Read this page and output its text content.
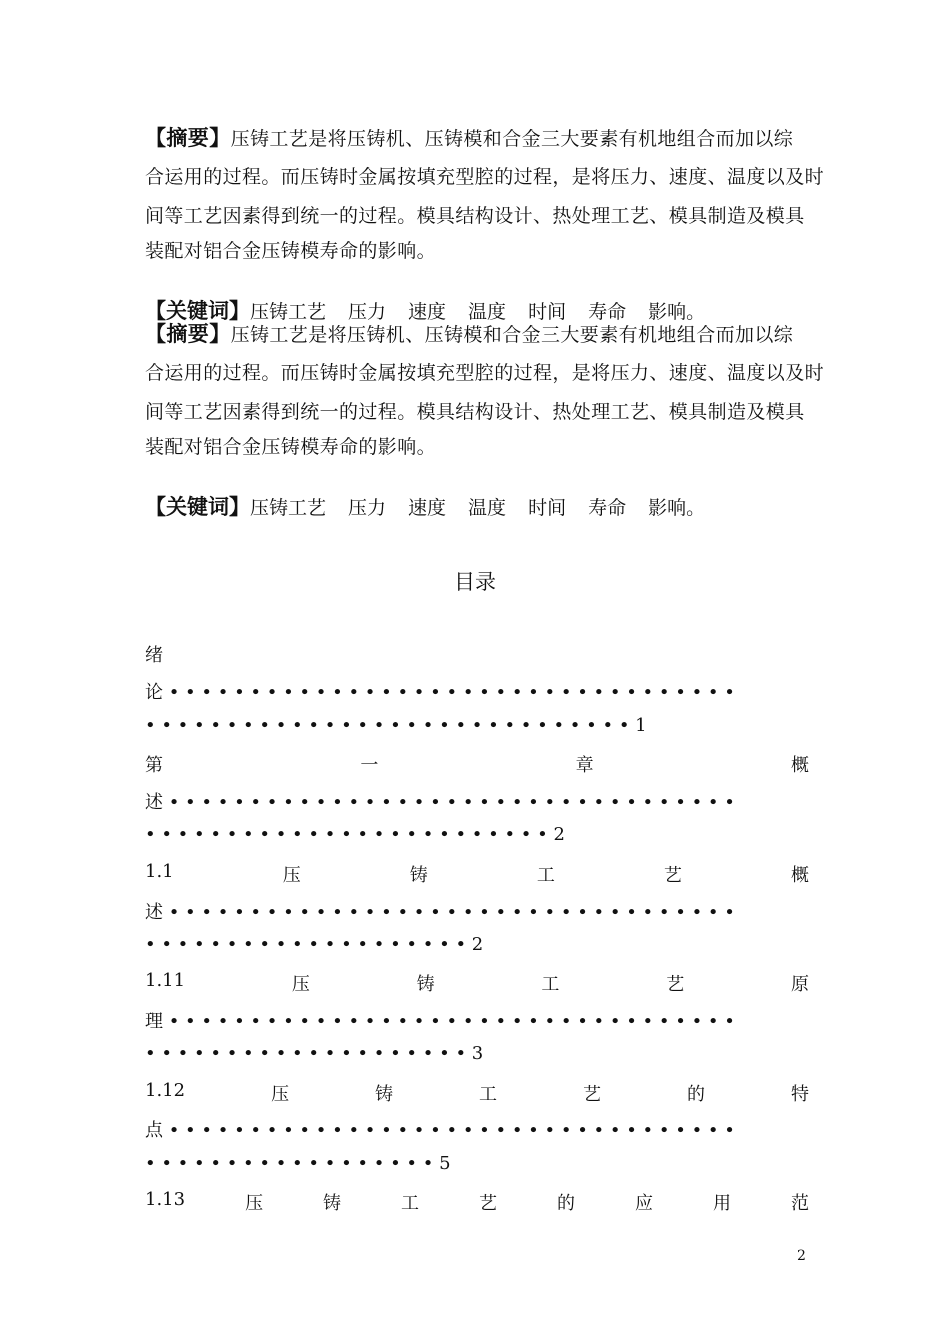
【摘要】压铸工艺是将压铸机、压铸模和合金三大要素有机地组合而加以综
合运用的过程。而压铸时金属按填充型腔的过程，是将压力、速度、温度以及时
间等工艺因素得到统一的过程。模具结构设计、热处理工艺、模具制造及模具
装配对铝合金压铸模寿命的影响。
【关键词】压铸工艺 压力 速度 温度 时间 寿命 影响。
【摘要】压铸工艺是将压铸机、压铸模和合金三大要素有机地组合而加以综
合运用的过程。而压铸时金属按填充型腔的过程，是将压力、速度、温度以及时
间等工艺因素得到统一的过程。模具结构设计、热处理工艺、模具制造及模具
装配对铝合金压铸模寿命的影响。
【关键词】压铸工艺 压力 速度 温度 时间 寿命 影响。
目录
绪
论 • • • • • • • • • • • • • • • • • • • • • • • • • • • • • • • • • • •
• • • • • • • • • • • • • • • • • • • • • • • • • • • • • • 1
第	一	章	概
述 • • • • • • • • • • • • • • • • • • • • • • • • • • • • • • • • • • •
• • • • • • • • • • • • • • • • • • • • • • • • • 2
1.1	压	铸	工	艺	概
述 • • • • • • • • • • • • • • • • • • • • • • • • • • • • • • • • • • •
• • • • • • • • • • • • • • • • • • • • 2
1.11	压	铸	工	艺	原
理 • • • • • • • • • • • • • • • • • • • • • • • • • • • • • • • • • • •
• • • • • • • • • • • • • • • • • • • • 3
1.12	压	铸	工	艺	的	特
点 • • • • • • • • • • • • • • • • • • • • • • • • • • • • • • • • • • •
• • • • • • • • • • • • • • • • • • 5
1.13	压	铸	工	艺	的	应	用	范
2
